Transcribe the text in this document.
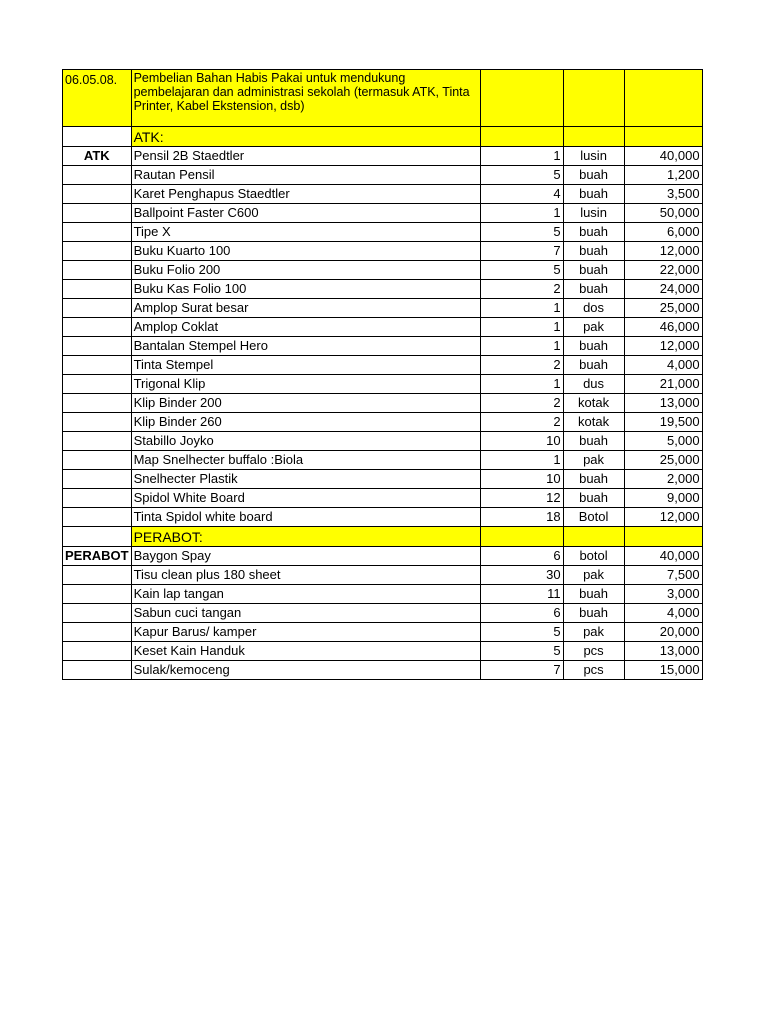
06.05.08.	Pembelian Bahan Habis Pakai untuk mendukung pembelajaran dan administrasi sekolah (termasuk ATK, Tinta Printer, Kabel Ekstension, dsb)			
	ATK:			
ATK	Pensil 2B Staedtler	1	lusin	40,000
	Rautan Pensil	5	buah	1,200
	Karet Penghapus Staedtler	4	buah	3,500
	Ballpoint Faster C600	1	lusin	50,000
	Tipe X	5	buah	6,000
	Buku Kuarto 100	7	buah	12,000
	Buku Folio 200	5	buah	22,000
	Buku Kas Folio 100	2	buah	24,000
	Amplop Surat besar	1	dos	25,000
	Amplop Coklat	1	pak	46,000
	Bantalan Stempel Hero	1	buah	12,000
	Tinta Stempel	2	buah	4,000
	Trigonal Klip	1	dus	21,000
	Klip Binder 200	2	kotak	13,000
	Klip Binder 260	2	kotak	19,500
	Stabillo Joyko	10	buah	5,000
	Map Snelhecter buffalo :Biola	1	pak	25,000
	Snelhecter Plastik	10	buah	2,000
	Spidol White Board	12	buah	9,000
	Tinta Spidol white board	18	Botol	12,000
	PERABOT:			
PERABOT	Baygon Spay	6	botol	40,000
	Tisu clean plus 180 sheet	30	pak	7,500
	Kain lap tangan	11	buah	3,000
	Sabun cuci tangan	6	buah	4,000
	Kapur Barus/ kamper	5	pak	20,000
	Keset Kain Handuk	5	pcs	13,000
	Sulak/kemoceng	7	pcs	15,000
